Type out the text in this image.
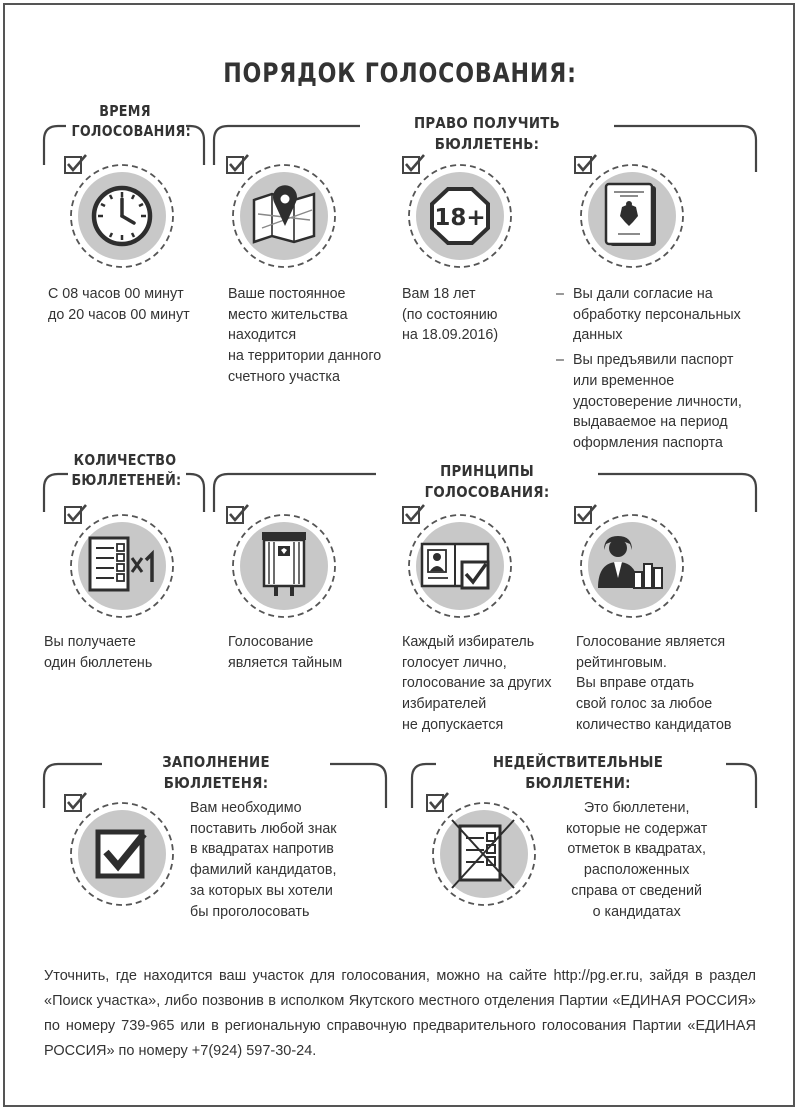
ПОРЯДОК ГОЛОСОВАНИЯ:
ВРЕМЯ
ГОЛОСОВАНИЯ:	ПРАВО ПОЛУЧИТЬ БЮЛЛЕТЕНЬ:
КОЛИЧЕСТВО
БЮЛЛЕТЕНЕЙ:
ПРИНЦИПЫ ГОЛОСОВАНИЯ:
ЗАПОЛНЕНИЕ БЮЛЛЕТЕНЯ:
НЕДЕЙСТВИТЕЛЬНЫЕ БЮЛЛЕТЕНИ:
18+
С 08 часов 00 минут
до 20 часов 00 минут
Ваше постоянное
место жительства
находится
на территории данного
счетного участка
Вам 18 лет
(по состоянию
на 18.09.2016)
– Вы дали согласие на
обработку персональных
данных
– Вы предъявили паспорт
или временное
удостоверение личности,
выдаваемое на период
оформления паспорта
Вы получаете
один бюллетень
Голосование
является тайным
Каждый избиратель
голосует лично,
голосование за других
избирателей
не допускается
Голосование является
рейтинговым.
Вы вправе отдать
свой голос за любое
количество кандидатов
Вам необходимо
поставить любой знак
в квадратах напротив
фамилий кандидатов,
за которых вы хотели
бы проголосовать
Это бюллетени,
которые не содержат
отметок в квадратах,
расположенных
справа от сведений
о кандидатах
Уточнить, где находится ваш участок для голосования, можно на сайте http://pg.er.ru, зайдя в раздел «Поиск участка», либо позвонив в исполком Якутского местного отделения Партии «ЕДИНАЯ РОССИЯ» по номеру 739-965 или в региональную справочную предварительного голосования Партии «ЕДИНАЯ РОССИЯ» по номеру +7(924) 597-30-24.
